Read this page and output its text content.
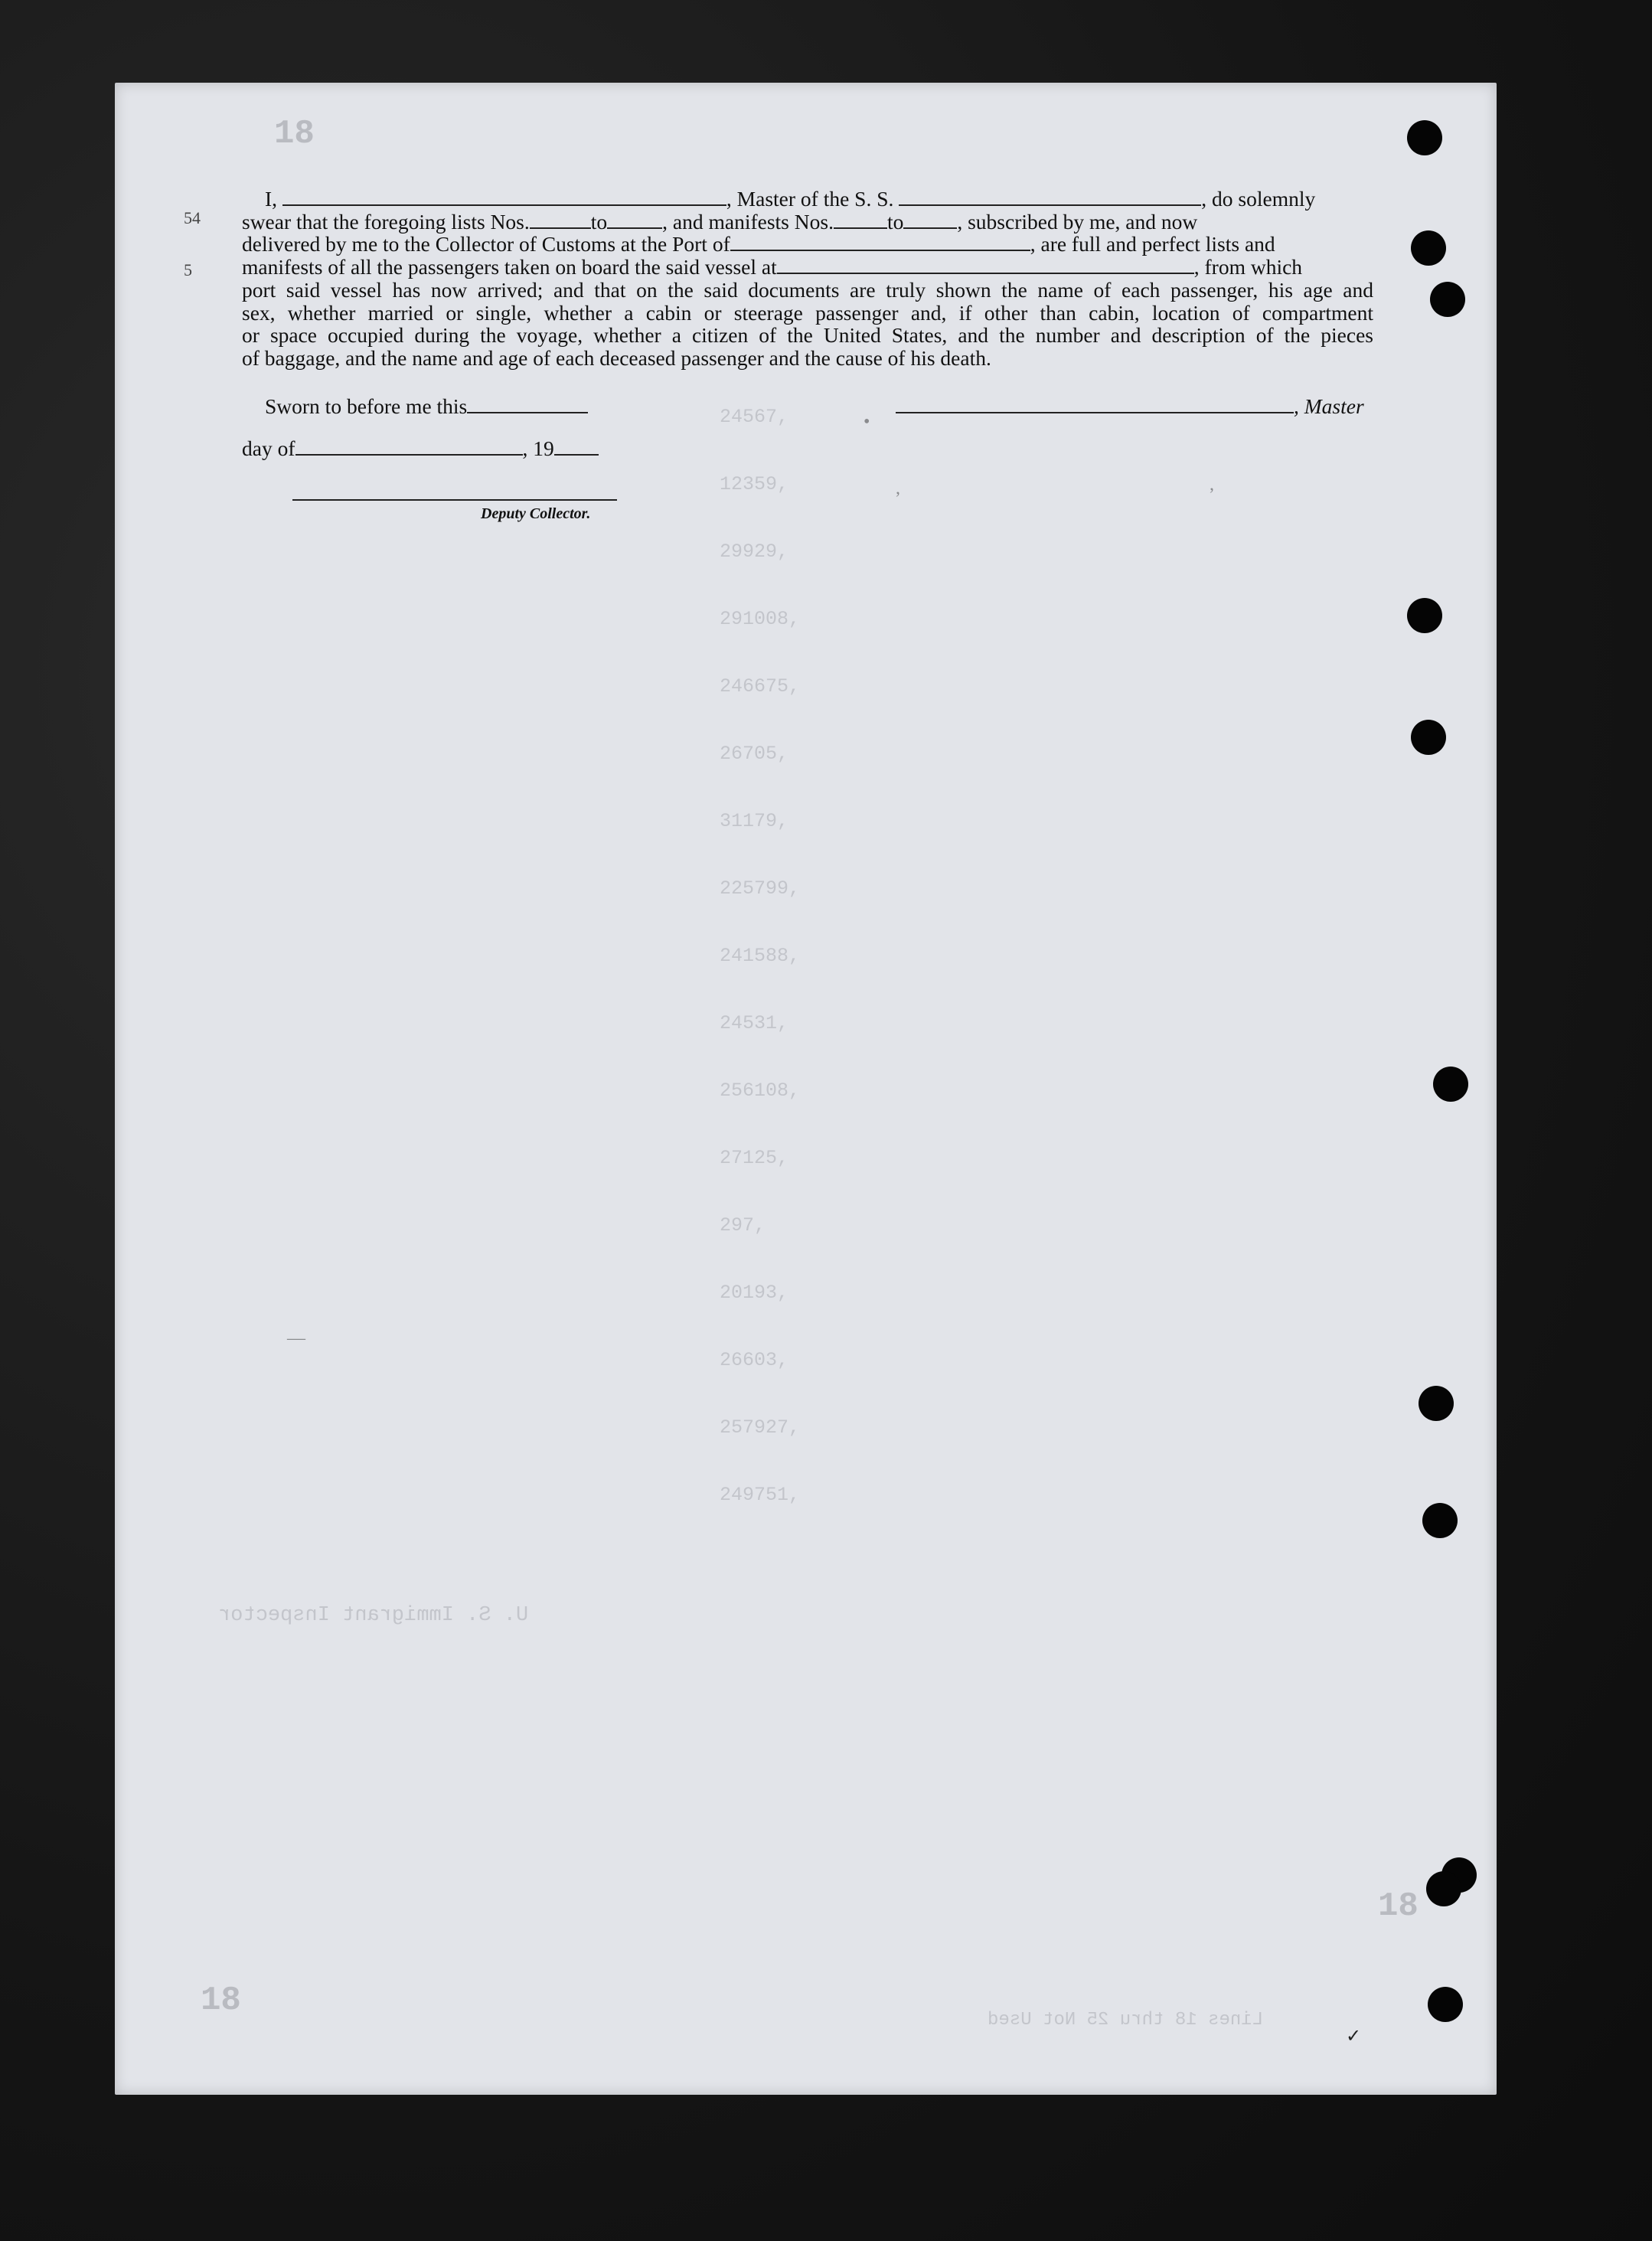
18
18
18
54
5
I,	, Master of the S. S.	, do solemnly
swear that the foregoing lists Nos.	to	, and manifests Nos.	to	, subscribed by me, and now
delivered by me to the Collector of Customs at the Port of	, are full and perfect lists and
manifests of all the passengers taken on board the said vessel at	, from which
port said vessel has now arrived; and that on the said documents are truly shown the name of each passenger, his age and
sex, whether married or single, whether a cabin or steerage passenger and, if other than cabin, location of compartment
or space occupied during the voyage, whether a citizen of the United States, and the number and description of the pieces
of baggage, and the name and age of each deceased passenger and the cause of his death.
Sworn to before me this	, Master
day of	, 19
Deputy Collector.
24567,
12359,
29929,
291008,
246675,
26705,
31179,
225799,
241588,
24531,
256108,
27125,
297,
20193,
26603,
257927,
249751,
U. S. Immigrant Inspector
Lines 18 thru 25 Not Used
•
,	,
—
✓
